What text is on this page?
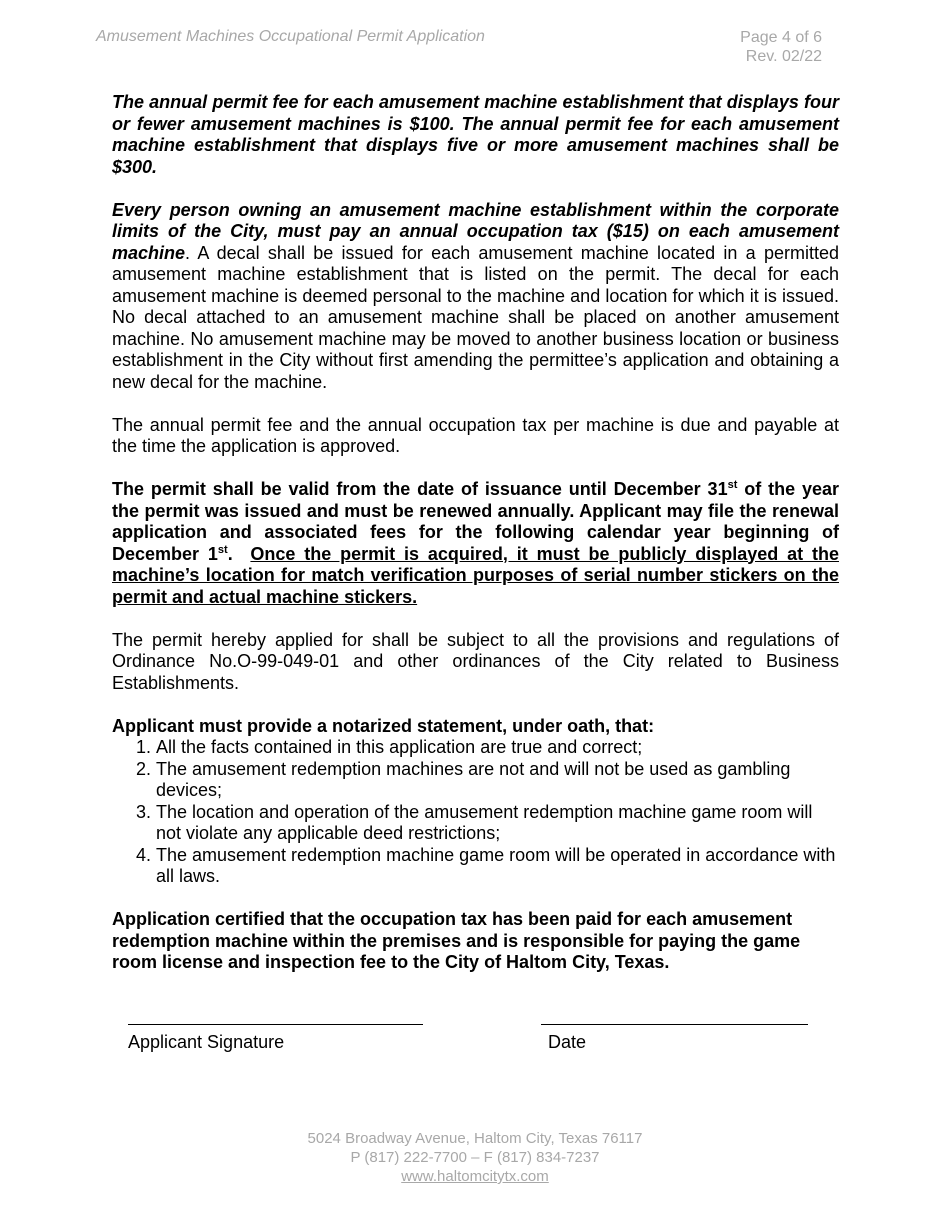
Amusement Machines Occupational Permit Application	Page 4 of 6
Rev. 02/22

The annual permit fee for each amusement machine establishment that displays four or fewer amusement machines is $100. The annual permit fee for each amusement machine establishment that displays five or more amusement machines shall be $300.

Every person owning an amusement machine establishment within the corporate limits of the City, must pay an annual occupation tax ($15) on each amusement machine. A decal shall be issued for each amusement machine located in a permitted amusement machine establishment that is listed on the permit. The decal for each amusement machine is deemed personal to the machine and location for which it is issued. No decal attached to an amusement machine shall be placed on another amusement machine. No amusement machine may be moved to another business location or business establishment in the City without first amending the permittee’s application and obtaining a new decal for the machine.

The annual permit fee and the annual occupation tax per machine is due and payable at the time the application is approved.

The permit shall be valid from the date of issuance until December 31st of the year the permit was issued and must be renewed annually. Applicant may file the renewal application and associated fees for the following calendar year beginning of December 1st.  Once the permit is acquired, it must be publicly displayed at the machine’s location for match verification purposes of serial number stickers on the permit and actual machine stickers.

The permit hereby applied for shall be subject to all the provisions and regulations of Ordinance No.O-99-049-01 and other ordinances of the City related to Business Establishments.

Applicant must provide a notarized statement, under oath, that:

1. All the facts contained in this application are true and correct;
2. The amusement redemption machines are not and will not be used as gambling devices;
3. The location and operation of the amusement redemption machine game room will not violate any applicable deed restrictions;
4. The amusement redemption machine game room will be operated in accordance with all laws.

Application certified that the occupation tax has been paid for each amusement redemption machine within the premises and is responsible for paying the game room license and inspection fee to the City of Haltom City, Texas.

Applicant Signature	Date
5024 Broadway Avenue, Haltom City, Texas 76117
P (817) 222-7700 – F (817) 834-7237
www.haltomcitytx.com
